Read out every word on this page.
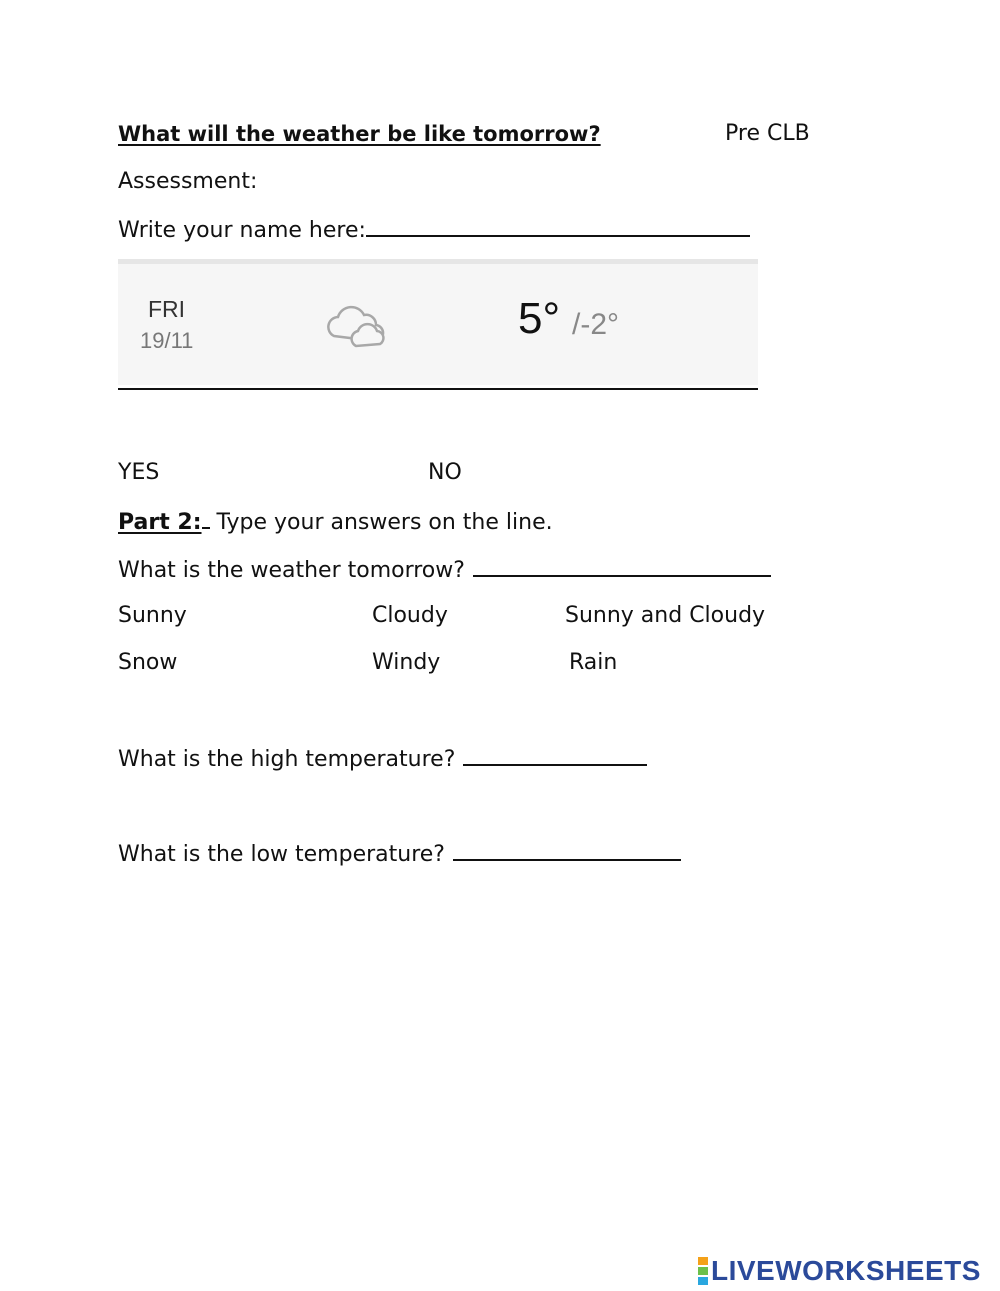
What will the weather be like tomorrow?	Pre CLB
Assessment:
Write your name here:
FRI
19/11	5° /-2°
YES	NO
Part 2: Type your answers on the line.
What is the weather tomorrow?
Sunny	Cloudy	Sunny and Cloudy
Snow	Windy	Rain
What is the high temperature?
What is the low temperature?
LIVEWORKSHEETS
